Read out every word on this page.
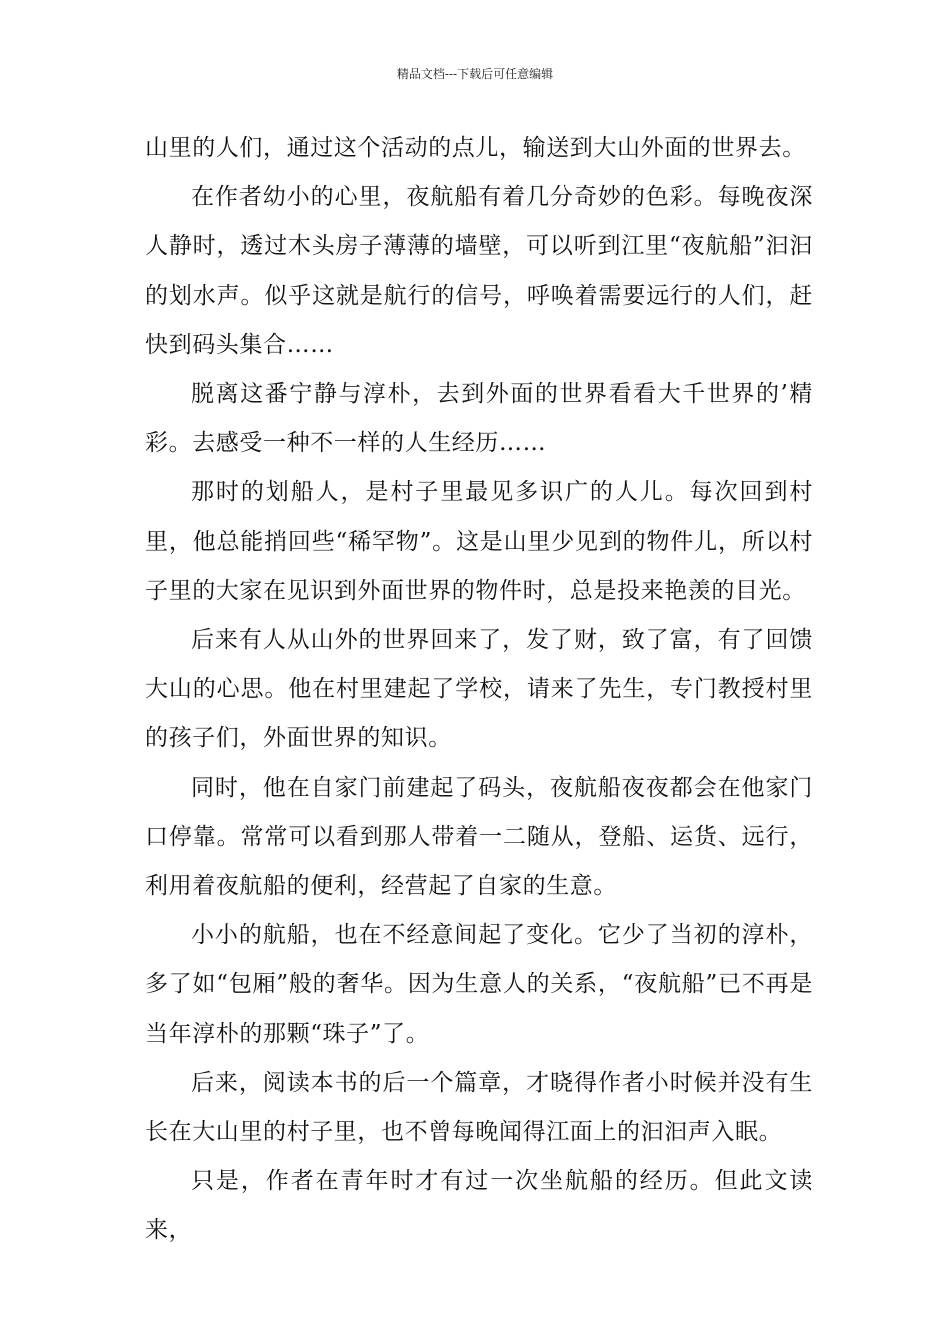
精品文档---下载后可任意编辑

山里的人们，通过这个活动的点儿，输送到大山外面的世界去。

在作者幼小的心里，夜航船有着几分奇妙的色彩。每晚夜深人静时，透过木头房子薄薄的墙壁，可以听到江里“夜航船”汩汩的划水声。似乎这就是航行的信号，呼唤着需要远行的人们，赶快到码头集合……

脱离这番宁静与淳朴，去到外面的世界看看大千世界的’精彩。去感受一种不一样的人生经历……

那时的划船人，是村子里最见多识广的人儿。每次回到村里，他总能捎回些“稀罕物”。这是山里少见到的物件儿，所以村子里的大家在见识到外面世界的物件时，总是投来艳羡的目光。

后来有人从山外的世界回来了，发了财，致了富，有了回馈大山的心思。他在村里建起了学校，请来了先生，专门教授村里的孩子们，外面世界的知识。

同时，他在自家门前建起了码头，夜航船夜夜都会在他家门口停靠。常常可以看到那人带着一二随从，登船、运货、远行，利用着夜航船的便利，经营起了自家的生意。

小小的航船，也在不经意间起了变化。它少了当初的淳朴，多了如“包厢”般的奢华。因为生意人的关系，“夜航船”已不再是当年淳朴的那颗“珠子”了。

后来，阅读本书的后一个篇章，才晓得作者小时候并没有生长在大山里的村子里，也不曾每晚闻得江面上的汩汩声入眠。

只是，作者在青年时才有过一次坐航船的经历。但此文读来，
